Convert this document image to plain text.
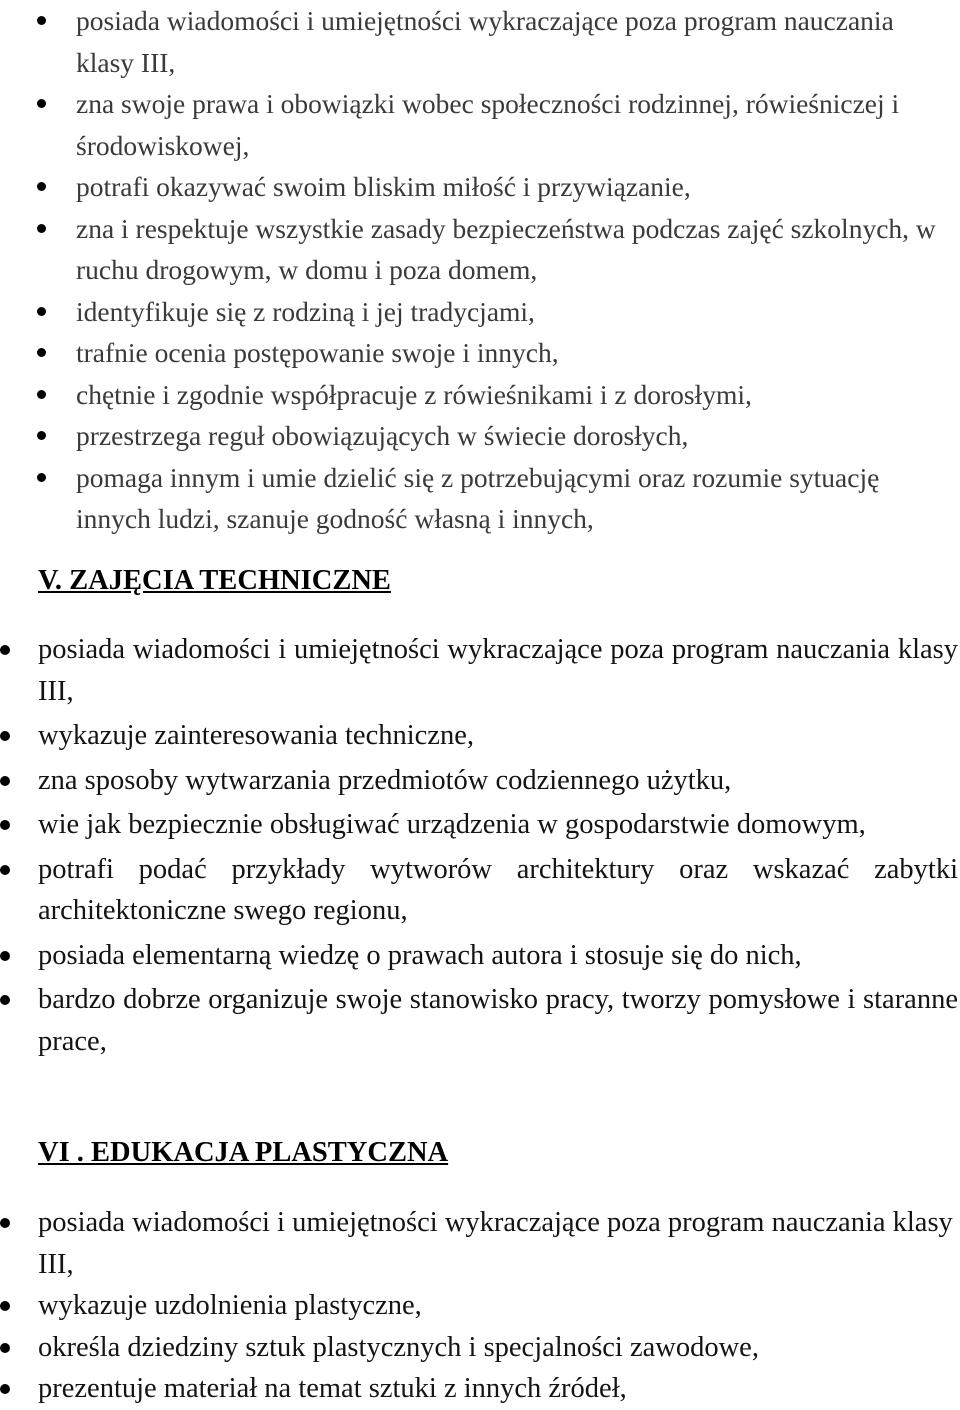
posiada wiadomości i umiejętności wykraczające poza program nauczania klasy III,
zna swoje prawa i obowiązki wobec społeczności rodzinnej, rówieśniczej i środowiskowej,
potrafi okazywać swoim bliskim miłość i przywiązanie,
zna i respektuje wszystkie zasady bezpieczeństwa podczas zajęć szkolnych, w ruchu drogowym, w domu i poza domem,
identyfikuje się z rodziną i jej tradycjami,
trafnie ocenia postępowanie swoje i innych,
chętnie i zgodnie współpracuje z rówieśnikami i z dorosłymi,
przestrzega reguł obowiązujących w świecie dorosłych,
pomaga innym i umie dzielić się z potrzebującymi oraz rozumie sytuację innych ludzi, szanuje godność własną i innych,
V. ZAJĘCIA TECHNICZNE
posiada wiadomości i umiejętności wykraczające poza program nauczania klasy III,
wykazuje zainteresowania techniczne,
zna sposoby wytwarzania przedmiotów codziennego użytku,
wie jak bezpiecznie obsługiwać urządzenia w gospodarstwie domowym,
potrafi podać przykłady wytworów architektury oraz wskazać zabytki architektoniczne swego regionu,
posiada elementarną wiedzę o prawach autora i stosuje się do nich,
bardzo dobrze organizuje swoje stanowisko pracy, tworzy pomysłowe i staranne prace,
VI . EDUKACJA PLASTYCZNA
posiada wiadomości i umiejętności wykraczające poza program nauczania klasy III,
wykazuje uzdolnienia plastyczne,
określa dziedziny sztuk plastycznych i specjalności zawodowe,
prezentuje materiał na temat sztuki z innych źródeł,
